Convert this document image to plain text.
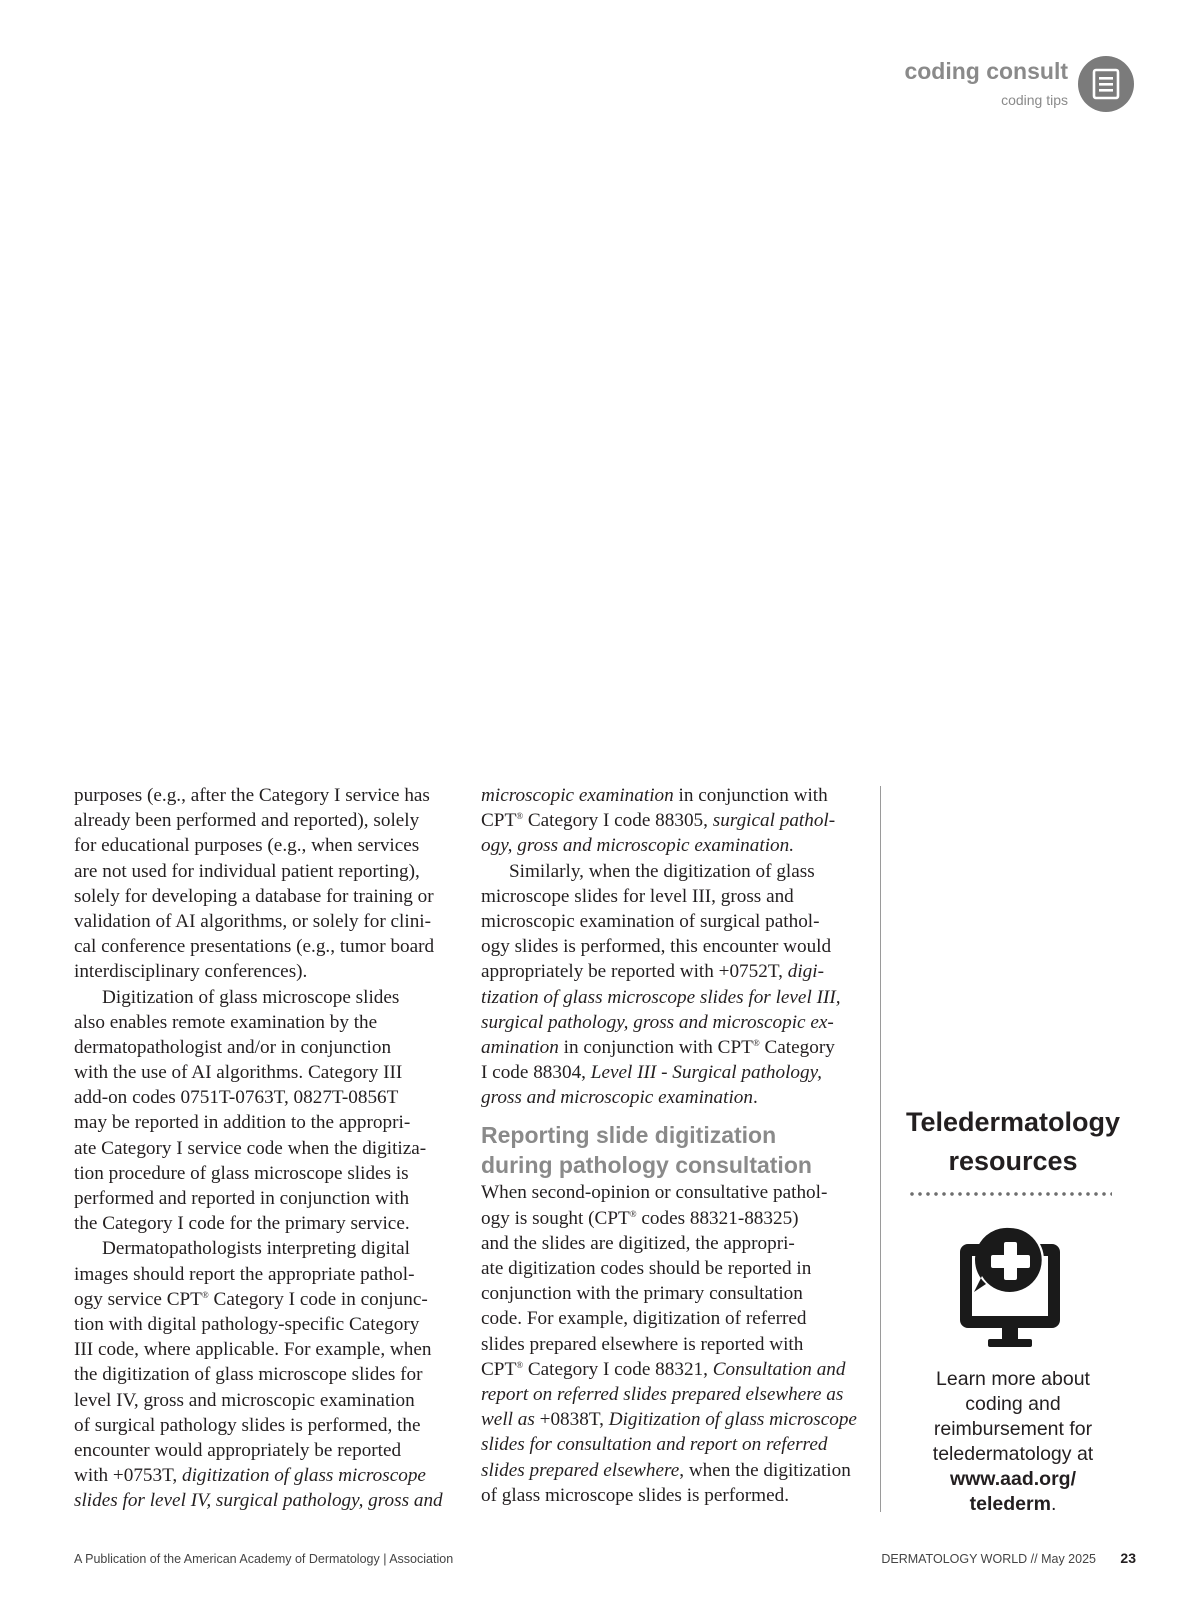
coding consult
coding tips
purposes (e.g., after the Category I service has
already been performed and reported), solely
for educational purposes (e.g., when services
are not used for individual patient reporting),
solely for developing a database for training or
validation of AI algorithms, or solely for clini-
cal conference presentations (e.g., tumor board
interdisciplinary conferences).
Digitization of glass microscope slides
also enables remote examination by the
dermatopathologist and/or in conjunction
with the use of AI algorithms. Category III
add-on codes 0751T-0763T, 0827T-0856T
may be reported in addition to the appropri-
ate Category I service code when the digitiza-
tion procedure of glass microscope slides is
performed and reported in conjunction with
the Category I code for the primary service.
Dermatopathologists interpreting digital
images should report the appropriate pathol-
ogy service CPT® Category I code in conjunc-
tion with digital pathology-specific Category
III code, where applicable. For example, when
the digitization of glass microscope slides for
level IV, gross and microscopic examination
of surgical pathology slides is performed, the
encounter would appropriately be reported
with +0753T, digitization of glass microscope
slides for level IV, surgical pathology, gross and
microscopic examination in conjunction with
CPT® Category I code 88305, surgical pathol-
ogy, gross and microscopic examination.
Similarly, when the digitization of glass
microscope slides for level III, gross and
microscopic examination of surgical pathol-
ogy slides is performed, this encounter would
appropriately be reported with +0752T, digi-
tization of glass microscope slides for level III,
surgical pathology, gross and microscopic ex-
amination in conjunction with CPT® Category
I code 88304, Level III - Surgical pathology,
gross and microscopic examination.
Reporting slide digitization
during pathology consultation
When second-opinion or consultative pathol-
ogy is sought (CPT® codes 88321-88325)
and the slides are digitized, the appropri-
ate digitization codes should be reported in
conjunction with the primary consultation
code. For example, digitization of referred
slides prepared elsewhere is reported with
CPT® Category I code 88321, Consultation and
report on referred slides prepared elsewhere as
well as +0838T, Digitization of glass microscope
slides for consultation and report on referred
slides prepared elsewhere, when the digitization
of glass microscope slides is performed.
Teledermatology
resources
Learn more about
coding and
reimbursement for
teledermatology at
www.aad.org/
telederm.
A Publication of the American Academy of Dermatology | Association	DERMATOLOGY WORLD // May 2025 23
